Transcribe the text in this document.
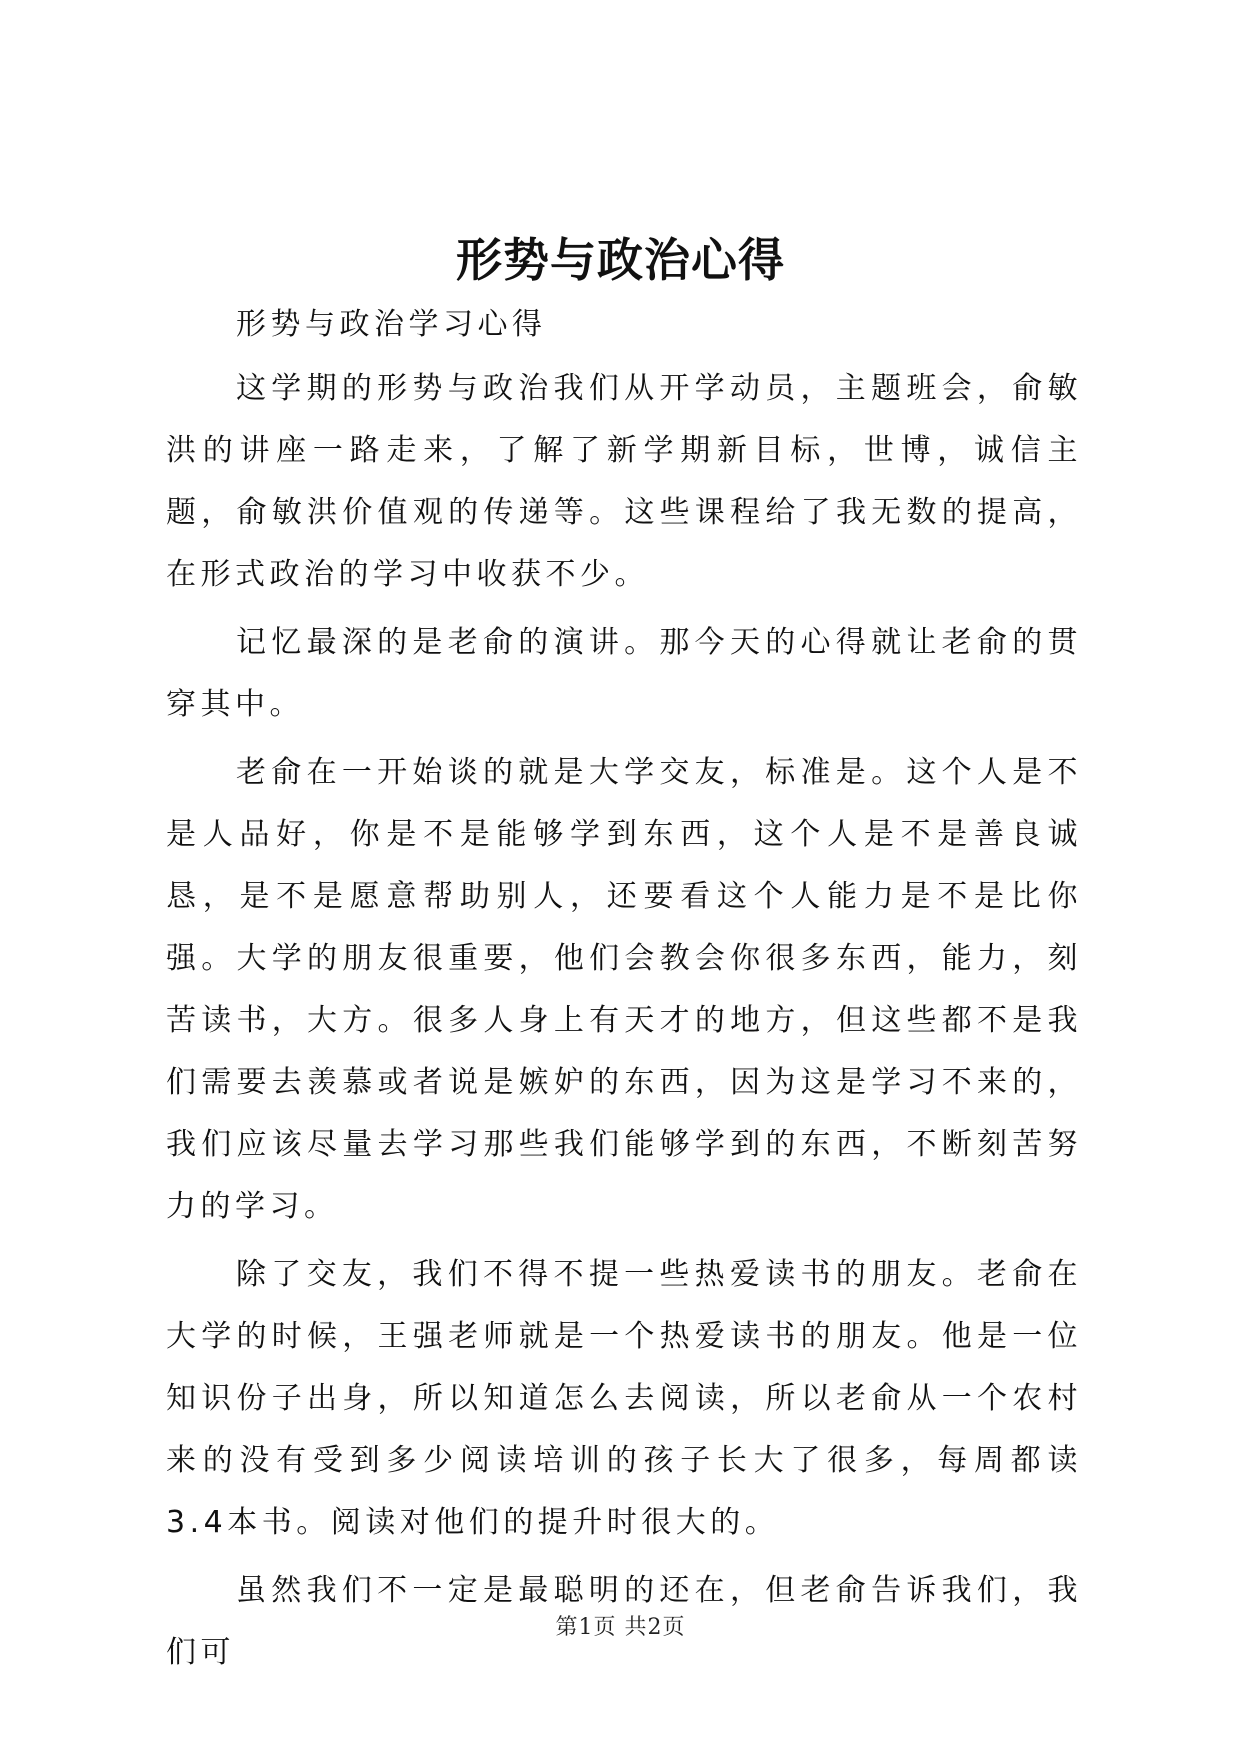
形势与政治心得

形势与政治学习心得

这学期的形势与政治我们从开学动员，主题班会，俞敏洪的讲座一路走来，了解了新学期新目标，世博，诚信主题，俞敏洪价值观的传递等。这些课程给了我无数的提高，在形式政治的学习中收获不少。

记忆最深的是老俞的演讲。那今天的心得就让老俞的贯穿其中。

老俞在一开始谈的就是大学交友，标准是。这个人是不是人品好，你是不是能够学到东西，这个人是不是善良诚恳，是不是愿意帮助别人，还要看这个人能力是不是比你强。大学的朋友很重要，他们会教会你很多东西，能力，刻苦读书，大方。很多人身上有天才的地方，但这些都不是我们需要去羡慕或者说是嫉妒的东西，因为这是学习不来的，我们应该尽量去学习那些我们能够学到的东西，不断刻苦努力的学习。

除了交友，我们不得不提一些热爱读书的朋友。老俞在大学的时候，王强老师就是一个热爱读书的朋友。他是一位知识份子出身，所以知道怎么去阅读，所以老俞从一个农村来的没有受到多少阅读培训的孩子长大了很多，每周都读3.4本书。阅读对他们的提升时很大的。

虽然我们不一定是最聪明的还在，但老俞告诉我们，我们可

第1页 共2页
